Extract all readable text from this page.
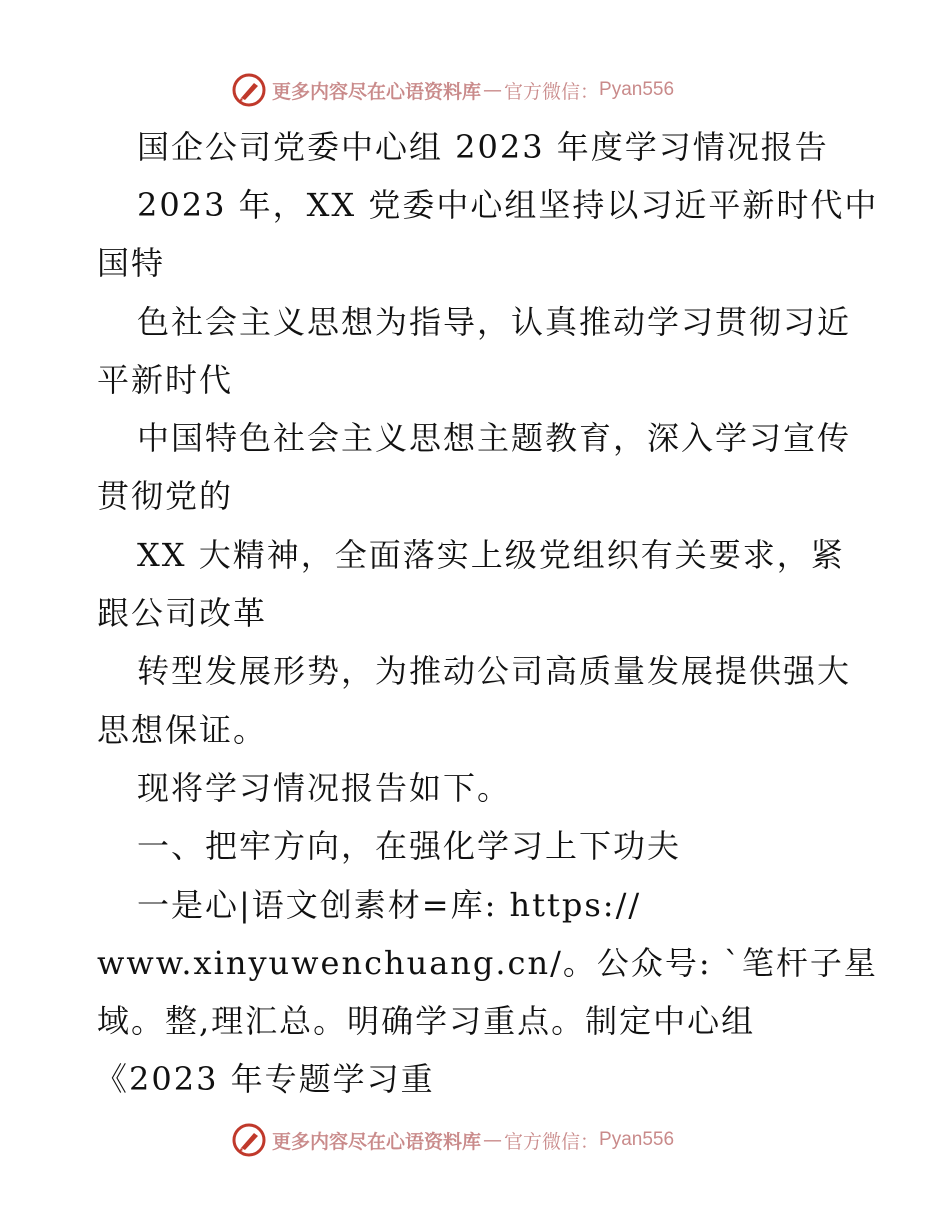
更多内容尽在心语资料库 — 官方微信： Pyan556
国企公司党委中心组 2023 年度学习情况报告
2023 年，XX 党委中心组坚持以习近平新时代中
国特
色社会主义思想为指导，认真推动学习贯彻习近
平新时代
中国特色社会主义思想主题教育，深入学习宣传
贯彻党的
XX 大精神，全面落实上级党组织有关要求，紧
跟公司改革
转型发展形势，为推动公司高质量发展提供强大
思想保证。
现将学习情况报告如下。
一、把牢方向，在强化学习上下功夫
一是心|语文创素材=库: https://
www.xinyuwenchuang.cn/。公众号: `笔杆子星
域。整,理汇总。明确学习重点。制定中心组
《2023 年专题学习重
更多内容尽在心语资料库 — 官方微信： Pyan556
